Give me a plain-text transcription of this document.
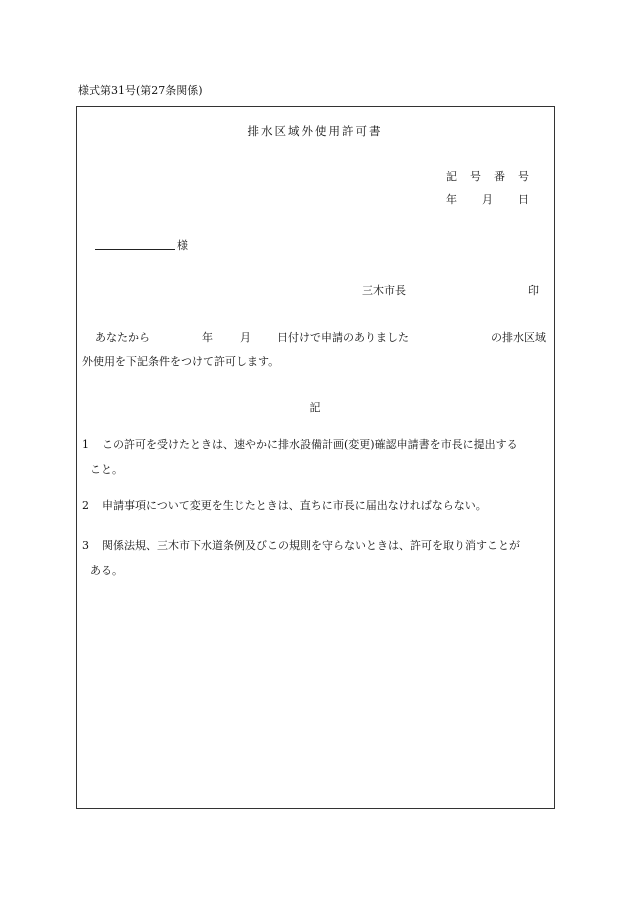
様式第31号(第27条関係)
排水区域外使用許可書
記 号 番 号
年 月 日
様
三木市長	印
あなたから	年 月 日付けで申請のありました	の排水区域
外使用を下記条件をつけて許可します。
記
1 この許可を受けたときは、速やかに排水設備計画(変更)確認申請書を市長に提出する
こと。
2 申請事項について変更を生じたときは、直ちに市長に届出なければならない。
3 関係法規、三木市下水道条例及びこの規則を守らないときは、許可を取り消すことが
ある。
